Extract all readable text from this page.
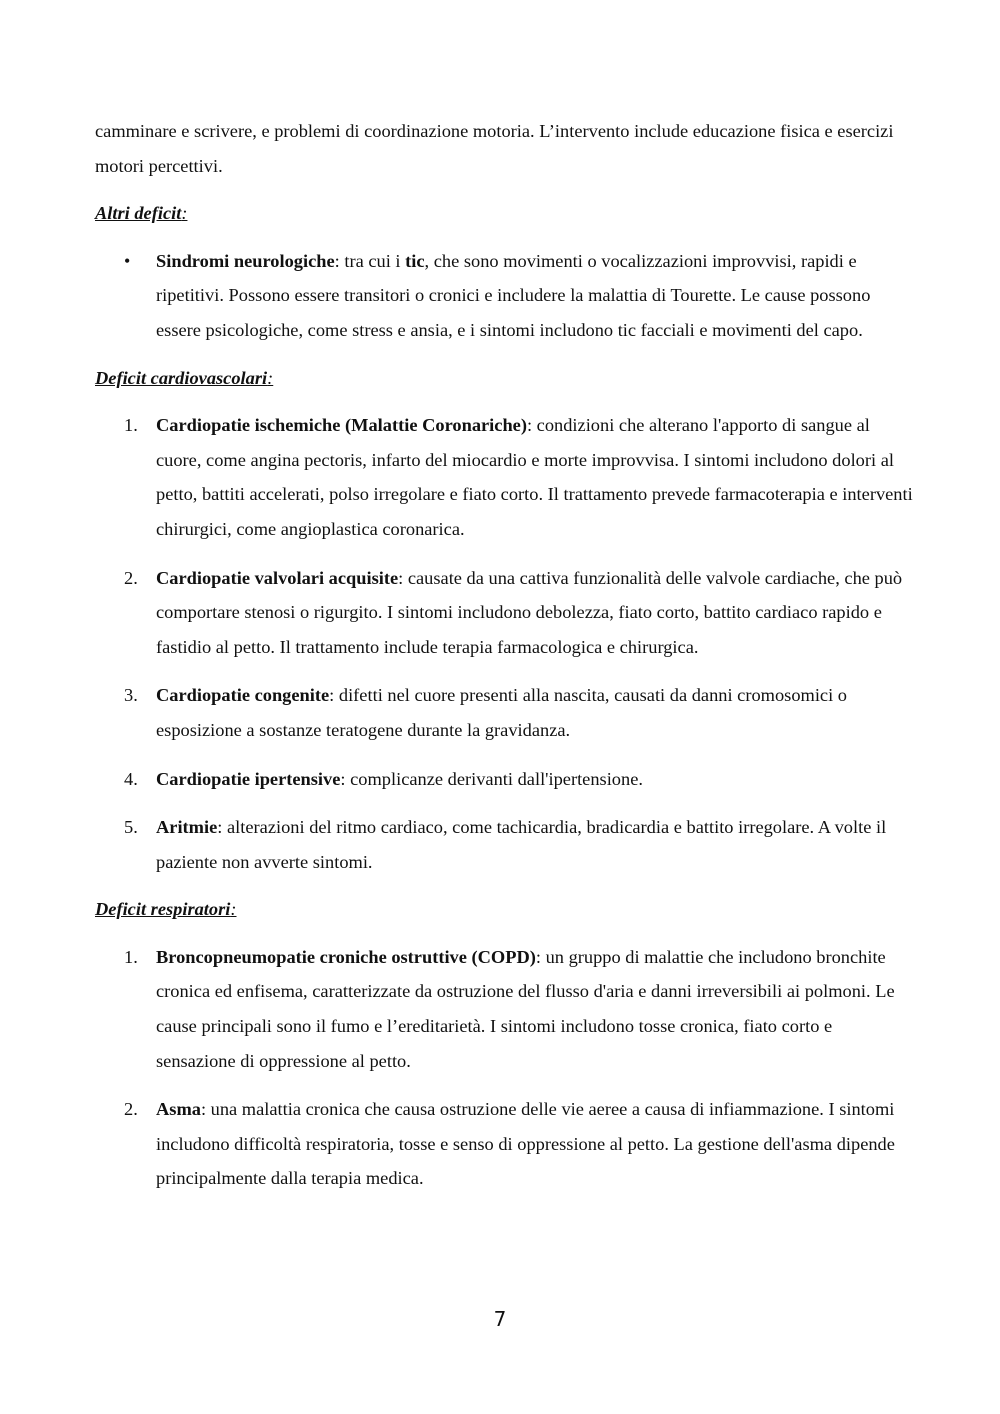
camminare e scrivere, e problemi di coordinazione motoria. L’intervento include educazione fisica e esercizi motori percettivi.

Altri deficit:

• Sindromi neurologiche: tra cui i tic, che sono movimenti o vocalizzazioni improvvisi, rapidi e ripetitivi. Possono essere transitori o cronici e includere la malattia di Tourette. Le cause possono essere psicologiche, come stress e ansia, e i sintomi includono tic facciali e movimenti del capo.

Deficit cardiovascolari:

1. Cardiopatie ischemiche (Malattie Coronariche): condizioni che alterano l'apporto di sangue al cuore, come angina pectoris, infarto del miocardio e morte improvvisa. I sintomi includono dolori al petto, battiti accelerati, polso irregolare e fiato corto. Il trattamento prevede farmacoterapia e interventi chirurgici, come angioplastica coronarica.
2. Cardiopatie valvolari acquisite: causate da una cattiva funzionalità delle valvole cardiache, che può comportare stenosi o rigurgito. I sintomi includono debolezza, fiato corto, battito cardiaco rapido e fastidio al petto. Il trattamento include terapia farmacologica e chirurgica.
3. Cardiopatie congenite: difetti nel cuore presenti alla nascita, causati da danni cromosomici o esposizione a sostanze teratogene durante la gravidanza.
4. Cardiopatie ipertensive: complicanze derivanti dall'ipertensione.
5. Aritmie: alterazioni del ritmo cardiaco, come tachicardia, bradicardia e battito irregolare. A volte il paziente non avverte sintomi.

Deficit respiratori:

1. Broncopneumopatie croniche ostruttive (COPD): un gruppo di malattie che includono bronchite cronica ed enfisema, caratterizzate da ostruzione del flusso d'aria e danni irreversibili ai polmoni. Le cause principali sono il fumo e l’ereditarietà. I sintomi includono tosse cronica, fiato corto e sensazione di oppressione al petto.
2. Asma: una malattia cronica che causa ostruzione delle vie aeree a causa di infiammazione. I sintomi includono difficoltà respiratoria, tosse e senso di oppressione al petto. La gestione dell'asma dipende principalmente dalla terapia medica.
7
